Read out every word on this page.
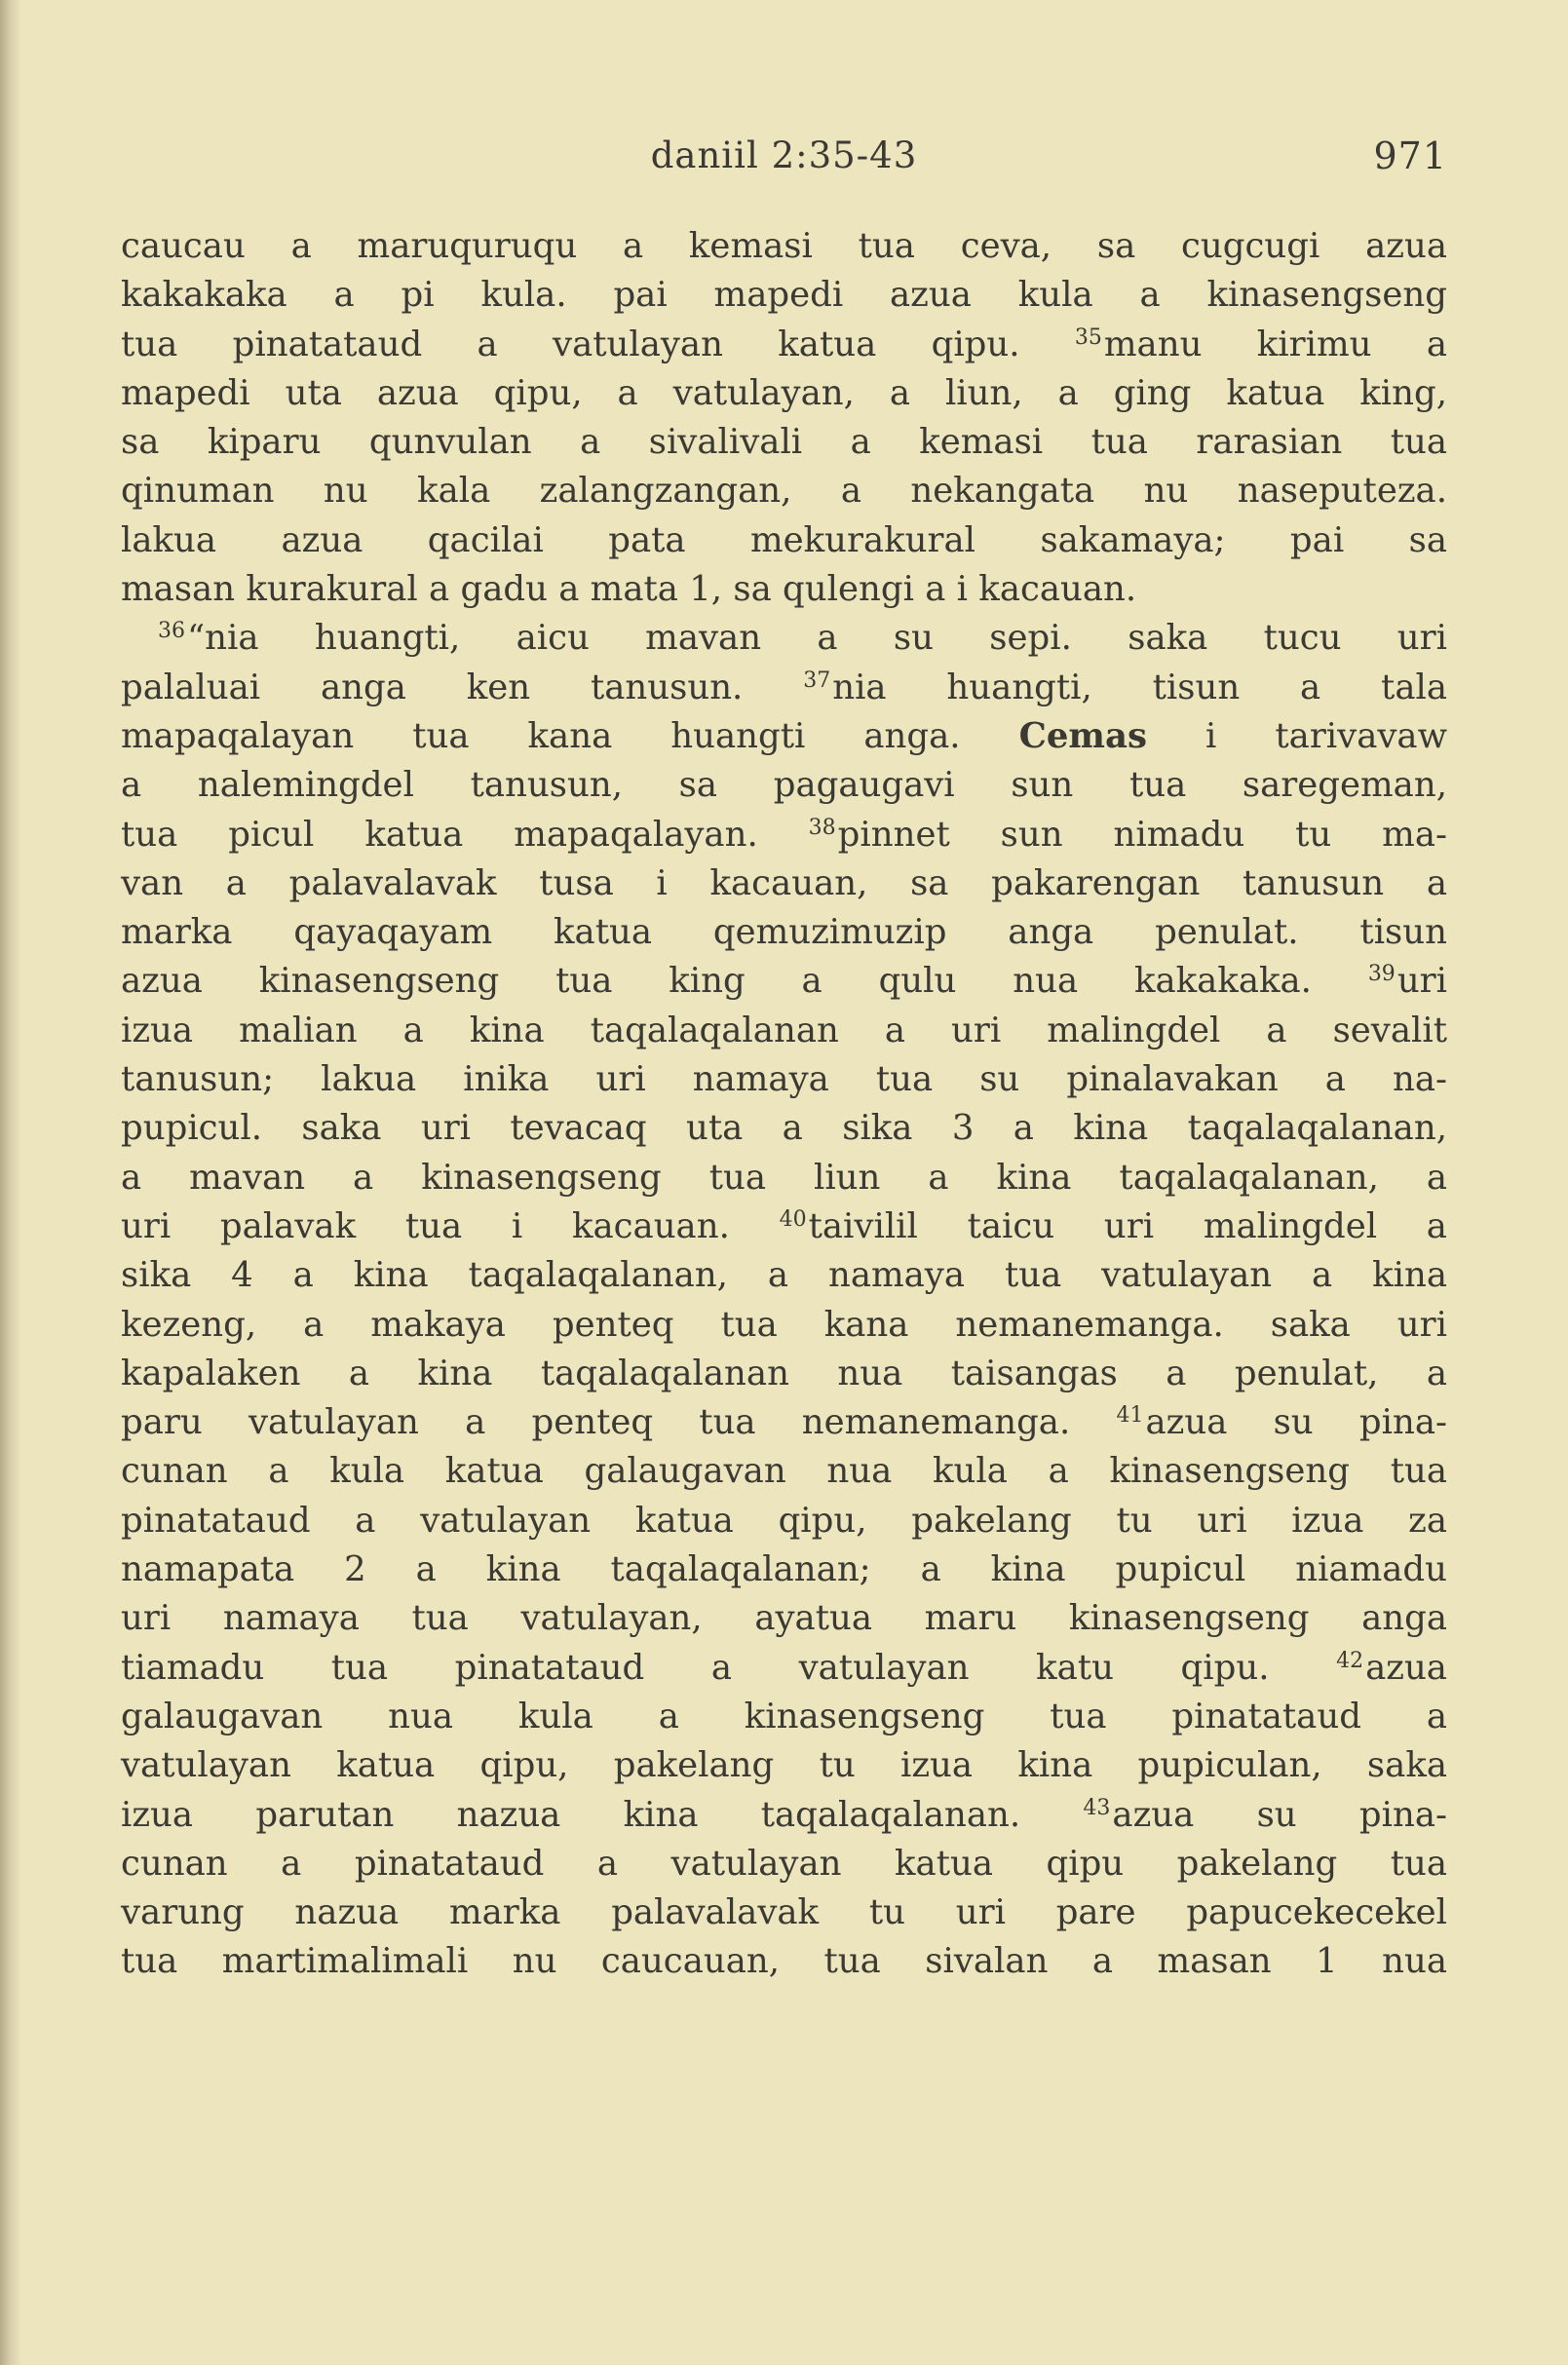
daniil 2:35-43	971
caucau a maruquruqu a kemasi tua ceva, sa cugcugi azua
kakakaka a pi kula. pai mapedi azua kula a kinasengseng
tua pinatataud a vatulayan katua qipu.	$^{35}$manu kirimu a
mapedi uta azua qipu, a vatulayan, a liun, a ging katua king,
sa kiparu qunvulan a sivalivali a kemasi tua rarasian tua
qinuman nu kala zalangzangan, a nekangata nu naseputeza.
lakua azua qacilai pata mekurakural sakamaya; pai sa
masan kurakural a gadu a mata 1, sa qulengi a i kacauan.
$^{36}$“nia huangti, aicu mavan a su sepi. saka tucu uri
palaluai anga ken tanusun.	$^{37}$nia huangti, tisun a tala
mapaqalayan tua kana huangti anga. Cemas i tarivavaw
a nalemingdel tanusun, sa pagaugavi sun tua saregeman,
tua picul katua mapaqalayan. $^{38}$pinnet sun nimadu tu ma-
van a palavalavak tusa i kacauan, sa pakarengan tanusun a
marka qayaqayam katua qemuzimuzip anga penulat. tisun
azua kinasengseng tua king a qulu nua kakakaka.	$^{39}$uri
izua malian a kina taqalaqalanan a uri malingdel a sevalit
tanusun; lakua inika uri namaya tua su pinalavakan a na-
pupicul. saka uri tevacaq uta a sika 3 a kina taqalaqalanan,
a mavan a kinasengseng tua liun a kina taqalaqalanan, a
uri palavak tua i kacauan. $^{40}$taivilil taicu uri malingdel a
sika 4 a kina taqalaqalanan, a namaya tua vatulayan a kina
kezeng, a makaya penteq tua kana nemanemanga. saka uri
kapalaken a kina taqalaqalanan nua taisangas a penulat, a
paru vatulayan a penteq tua nemanemanga. $^{41}$azua su pina-
cunan a kula katua galaugavan nua kula a kinasengseng tua
pinatataud a vatulayan katua qipu, pakelang tu uri izua za
namapata 2 a kina taqalaqalanan; a kina pupicul niamadu
uri namaya tua vatulayan, ayatua maru kinasengseng anga
tiamadu tua pinatataud a vatulayan katu qipu.	$^{42}$azua
galaugavan nua kula a kinasengseng tua pinatataud a
vatulayan katua qipu, pakelang tu izua kina pupiculan, saka
izua parutan nazua kina taqalaqalanan.	$^{43}$azua su pina-
cunan a pinatataud a vatulayan katua qipu pakelang tua
varung nazua marka palavalavak tu uri pare papucekecekel
tua martimalimali nu caucauan, tua sivalan a masan 1 nua
